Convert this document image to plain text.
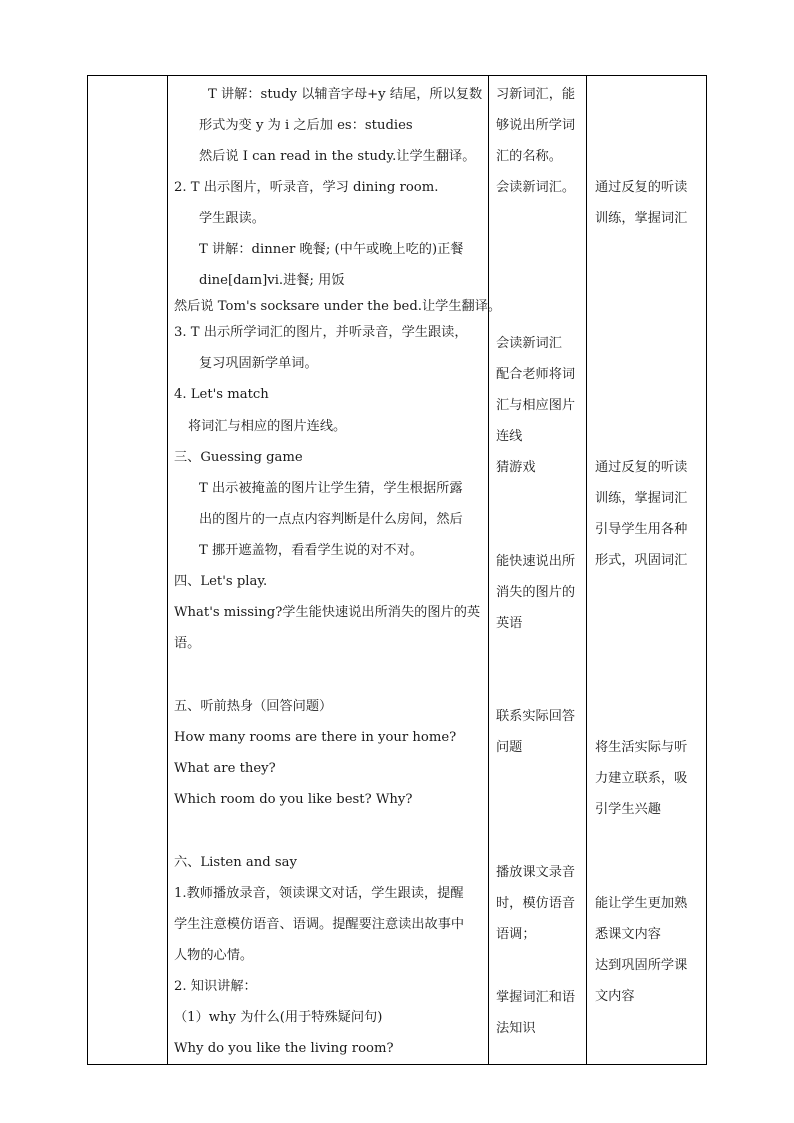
T 讲解：study 以辅音字母+y 结尾，所以复数
形式为变 y 为 i 之后加 es：studies
然后说 I can read in the study.让学生翻译。
2. T 出示图片，听录音，学习 dining room.
学生跟读。
T 讲解：dinner 晚餐; (中午或晚上吃的)正餐
dine[daɪn]vi.进餐; 用饭
然后说 Tom's socksare under the bed.让学生翻译。
3. T 出示所学词汇的图片，并听录音，学生跟读，
复习巩固新学单词。
4. Let's match
将词汇与相应的图片连线。
三、Guessing game
T 出示被掩盖的图片让学生猜，学生根据所露
出的图片的一点点内容判断是什么房间，然后
T 挪开遮盖物，看看学生说的对不对。
四、Let's play.
What's missing?学生能快速说出所消失的图片的英
语。
五、听前热身（回答问题）
How many rooms are there in your home?
What are they?
Which room do you like best? Why?
六、Listen and say
1.教师播放录音，领读课文对话，学生跟读，提醒
学生注意模仿语音、语调。提醒要注意读出故事中
人物的心情。
2. 知识讲解：
（1）why 为什么(用于特殊疑问句)
Why do you like the living room?
习新词汇，能
够说出所学词
汇的名称。
会读新词汇。
会读新词汇
配合老师将词
汇与相应图片
连线
猜游戏
能快速说出所
消失的图片的
英语
联系实际回答
问题
播放课文录音
时，模仿语音
语调；
掌握词汇和语
法知识
通过反复的听读
训练，掌握词汇
通过反复的听读
训练，掌握词汇
引导学生用各种
形式，巩固词汇
将生活实际与听
力建立联系，吸
引学生兴趣
能让学生更加熟
悉课文内容
达到巩固所学课
文内容
